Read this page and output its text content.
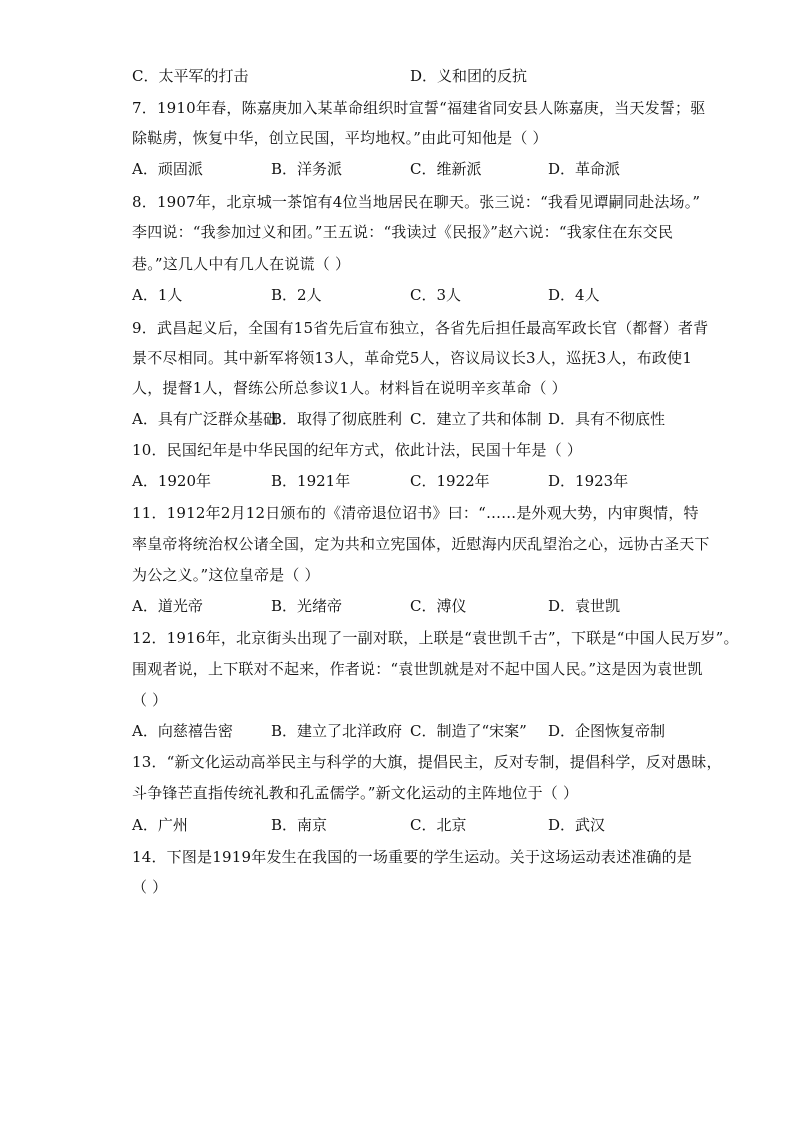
C．太平军的打击	D．义和团的反抗
7．1910年春，陈嘉庚加入某革命组织时宣誓“福建省同安县人陈嘉庚，当天发誓；驱
除鞑虏，恢复中华，创立民国，平均地权。”由此可知他是（ ）
A．顽固派	B．洋务派	C．维新派	D．革命派
8．1907年，北京城一茶馆有4位当地居民在聊天。张三说：“我看见谭嗣同赴法场。”
李四说：“我参加过义和团。”王五说：“我读过《民报》”赵六说：“我家住在东交民
巷。”这几人中有几人在说谎（ ）
A．1人	B．2人	C．3人	D．4人
9．武昌起义后，全国有15省先后宣布独立，各省先后担任最高军政长官（都督）者背
景不尽相同。其中新军将领13人，革命党5人，咨议局议长3人，巡抚3人，布政使1
人，提督1人，督练公所总参议1人。材料旨在说明辛亥革命（ ）
A．具有广泛群众基础
B．取得了彻底胜利 C．建立了共和体制 D．具有不彻底性
10．民国纪年是中华民国的纪年方式，依此计法，民国十年是（ ）
A．1920年	B．1921年	C．1922年	D．1923年
11．1912年2月12日颁布的《清帝退位诏书》曰：“……是外观大势，内审舆情，特
率皇帝将统治权公诸全国，定为共和立宪国体，近慰海内厌乱望治之心，远协古圣天下
为公之义。”这位皇帝是（ ）
A．道光帝	B．光绪帝	C．溥仪	D．袁世凯
12．1916年，北京街头出现了一副对联，上联是“袁世凯千古”，下联是“中国人民万岁”。
围观者说，上下联对不起来，作者说：“袁世凯就是对不起中国人民。”这是因为袁世凯
（ ）
A．向慈禧告密	B．建立了北洋政府 C．制造了“宋案” D．企图恢复帝制
13．“新文化运动高举民主与科学的大旗，提倡民主，反对专制，提倡科学，反对愚昧，
斗争锋芒直指传统礼教和孔孟儒学。”新文化运动的主阵地位于（ ）
A．广州	B．南京	C．北京	D．武汉
14．下图是1919年发生在我国的一场重要的学生运动。关于这场运动表述准确的是
（ ）
